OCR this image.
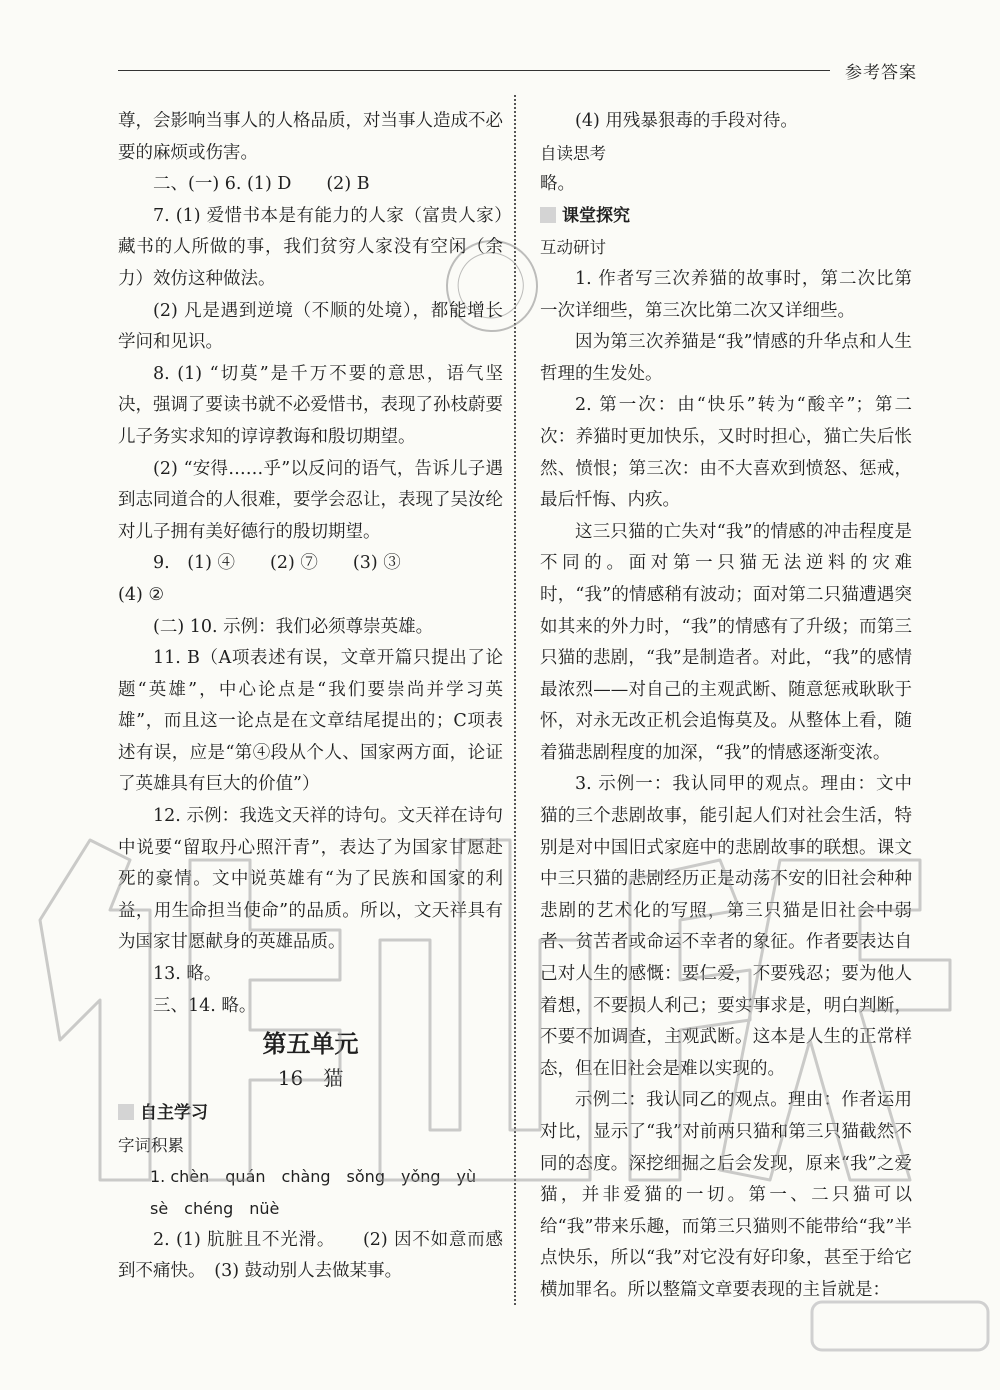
参考答案
尊，会影响当事人的人格品质，对当事人造成不必要的麻烦或伤害。
二、(一) 6. (1) D　　(2) B
7. (1) 爱惜书本是有能力的人家（富贵人家）藏书的人所做的事，我们贫穷人家没有空闲（余力）效仿这种做法。
(2) 凡是遇到逆境（不顺的处境），都能增长学问和见识。
8. (1) “切莫”是千万不要的意思，语气坚决，强调了要读书就不必爱惜书，表现了孙枝蔚要儿子务实求知的谆谆教诲和殷切期望。
(2) “安得……乎”以反问的语气，告诉儿子遇到志同道合的人很难，要学会忍让，表现了吴汝纶对儿子拥有美好德行的殷切期望。
9.　(1) ④　　(2) ⑦　　(3) ③
(4) ②
(二) 10. 示例：我们必须尊崇英雄。
11. B（A项表述有误，文章开篇只提出了论题“英雄”，中心论点是“我们要崇尚并学习英雄”，而且这一论点是在文章结尾提出的；C项表述有误，应是“第④段从个人、国家两方面，论证了英雄具有巨大的价值”）
12. 示例：我选文天祥的诗句。文天祥在诗句中说要“留取丹心照汗青”，表达了为国家甘愿赴死的豪情。文中说英雄有“为了民族和国家的利益，用生命担当使命”的品质。所以，文天祥具有为国家甘愿献身的英雄品质。
13. 略。
三、14. 略。
第五单元
16　猫
自主学习
字词积累
1. chèn　quán　chàng　sǒng　yǒng　yù
sè　chéng　nüè
2. (1) 肮脏且不光滑。　　(2) 因不如意而感到不痛快。　(3) 鼓动别人去做某事。
(4) 用残暴狠毒的手段对待。
自读思考
略。
课堂探究
互动研讨
1. 作者写三次养猫的故事时，第二次比第一次详细些，第三次比第二次又详细些。
因为第三次养猫是“我”情感的升华点和人生哲理的生发处。
2. 第一次：由“快乐”转为“酸辛”；第二次：养猫时更加快乐，又时时担心，猫亡失后怅然、愤恨；第三次：由不大喜欢到愤怒、惩戒，最后忏悔、内疚。
这三只猫的亡失对“我”的情感的冲击程度是不同的。面对第一只猫无法逆料的灾难时，“我”的情感稍有波动；面对第二只猫遭遇突如其来的外力时，“我”的情感有了升级；而第三只猫的悲剧，“我”是制造者。对此，“我”的感情最浓烈——对自己的主观武断、随意惩戒耿耿于怀，对永无改正机会追悔莫及。从整体上看，随着猫悲剧程度的加深，“我”的情感逐渐变浓。
3. 示例一：我认同甲的观点。理由：文中猫的三个悲剧故事，能引起人们对社会生活，特别是对中国旧式家庭中的悲剧故事的联想。课文中三只猫的悲剧经历正是动荡不安的旧社会种种悲剧的艺术化的写照，第三只猫是旧社会中弱者、贫苦者或命运不幸者的象征。作者要表达自己对人生的感慨：要仁爱，不要残忍；要为他人着想，不要损人利己；要实事求是，明白判断，不要不加调查，主观武断。这本是人生的正常样态，但在旧社会是难以实现的。
示例二：我认同乙的观点。理由：作者运用对比，显示了“我”对前两只猫和第三只猫截然不同的态度。深挖细掘之后会发现，原来“我”之爱猫，并非爱猫的一切。第一、二只猫可以给“我”带来乐趣，而第三只猫则不能带给“我”半点快乐，所以“我”对它没有好印象，甚至于给它横加罪名。所以整篇文章要表现的主旨就是：
